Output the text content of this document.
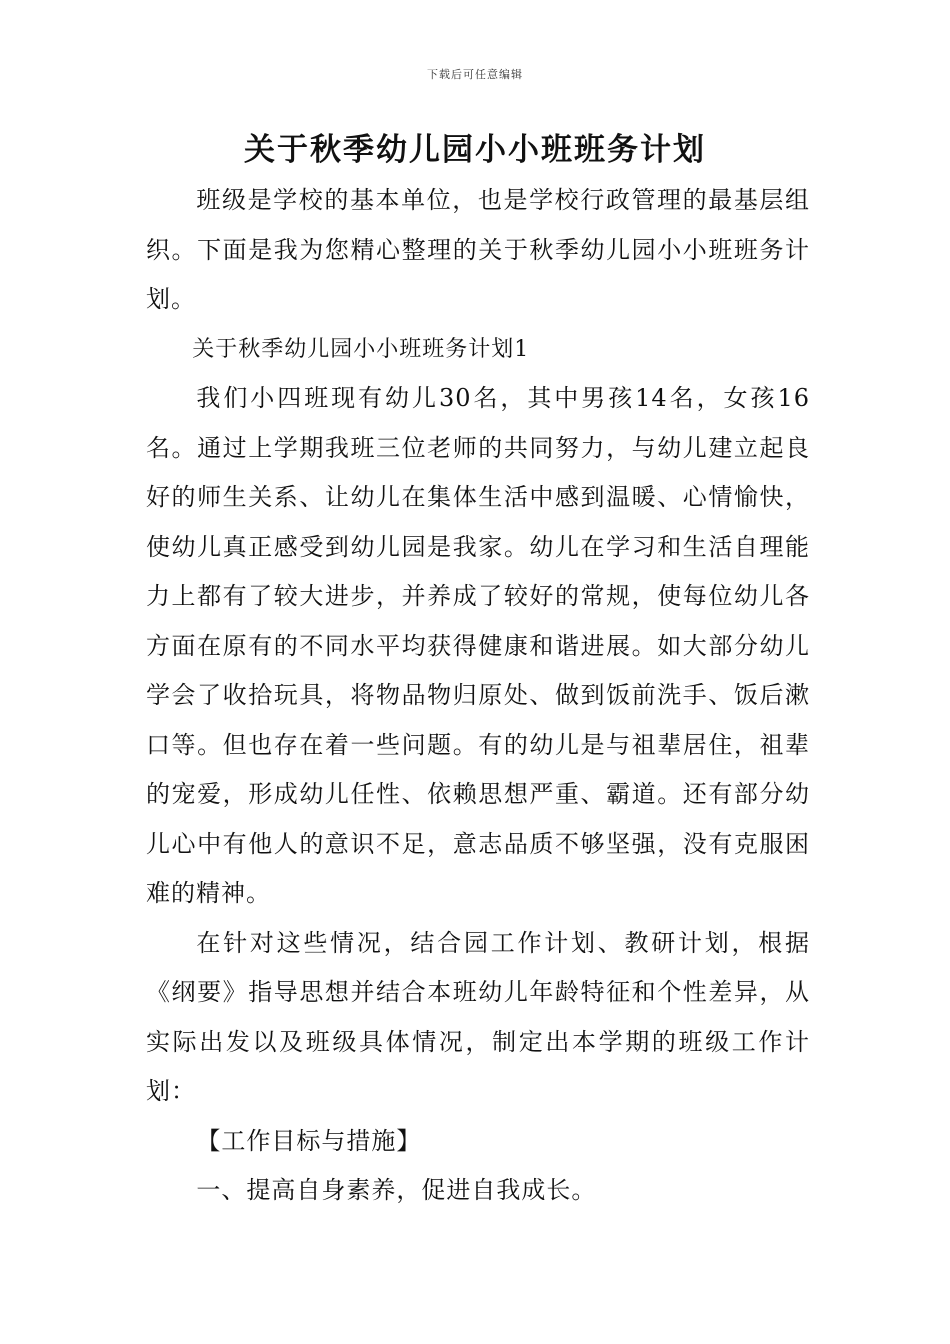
下载后可任意编辑
关于秋季幼儿园小小班班务计划

班级是学校的基本单位，也是学校行政管理的最基层组织。下面是我为您精心整理的关于秋季幼儿园小小班班务计划。

关于秋季幼儿园小小班班务计划1

我们小四班现有幼儿30名，其中男孩14名，女孩16名。通过上学期我班三位老师的共同努力，与幼儿建立起良好的师生关系、让幼儿在集体生活中感到温暖、心情愉快，使幼儿真正感受到幼儿园是我家。幼儿在学习和生活自理能力上都有了较大进步，并养成了较好的常规，使每位幼儿各方面在原有的不同水平均获得健康和谐进展。如大部分幼儿学会了收拾玩具，将物品物归原处、做到饭前洗手、饭后漱口等。但也存在着一些问题。有的幼儿是与祖辈居住，祖辈的宠爱，形成幼儿任性、依赖思想严重、霸道。还有部分幼儿心中有他人的意识不足，意志品质不够坚强，没有克服困难的精神。

在针对这些情况，结合园工作计划、教研计划，根据《纲要》指导思想并结合本班幼儿年龄特征和个性差异，从实际出发以及班级具体情况，制定出本学期的班级工作计划：

【工作目标与措施】

一、提高自身素养，促进自我成长。
